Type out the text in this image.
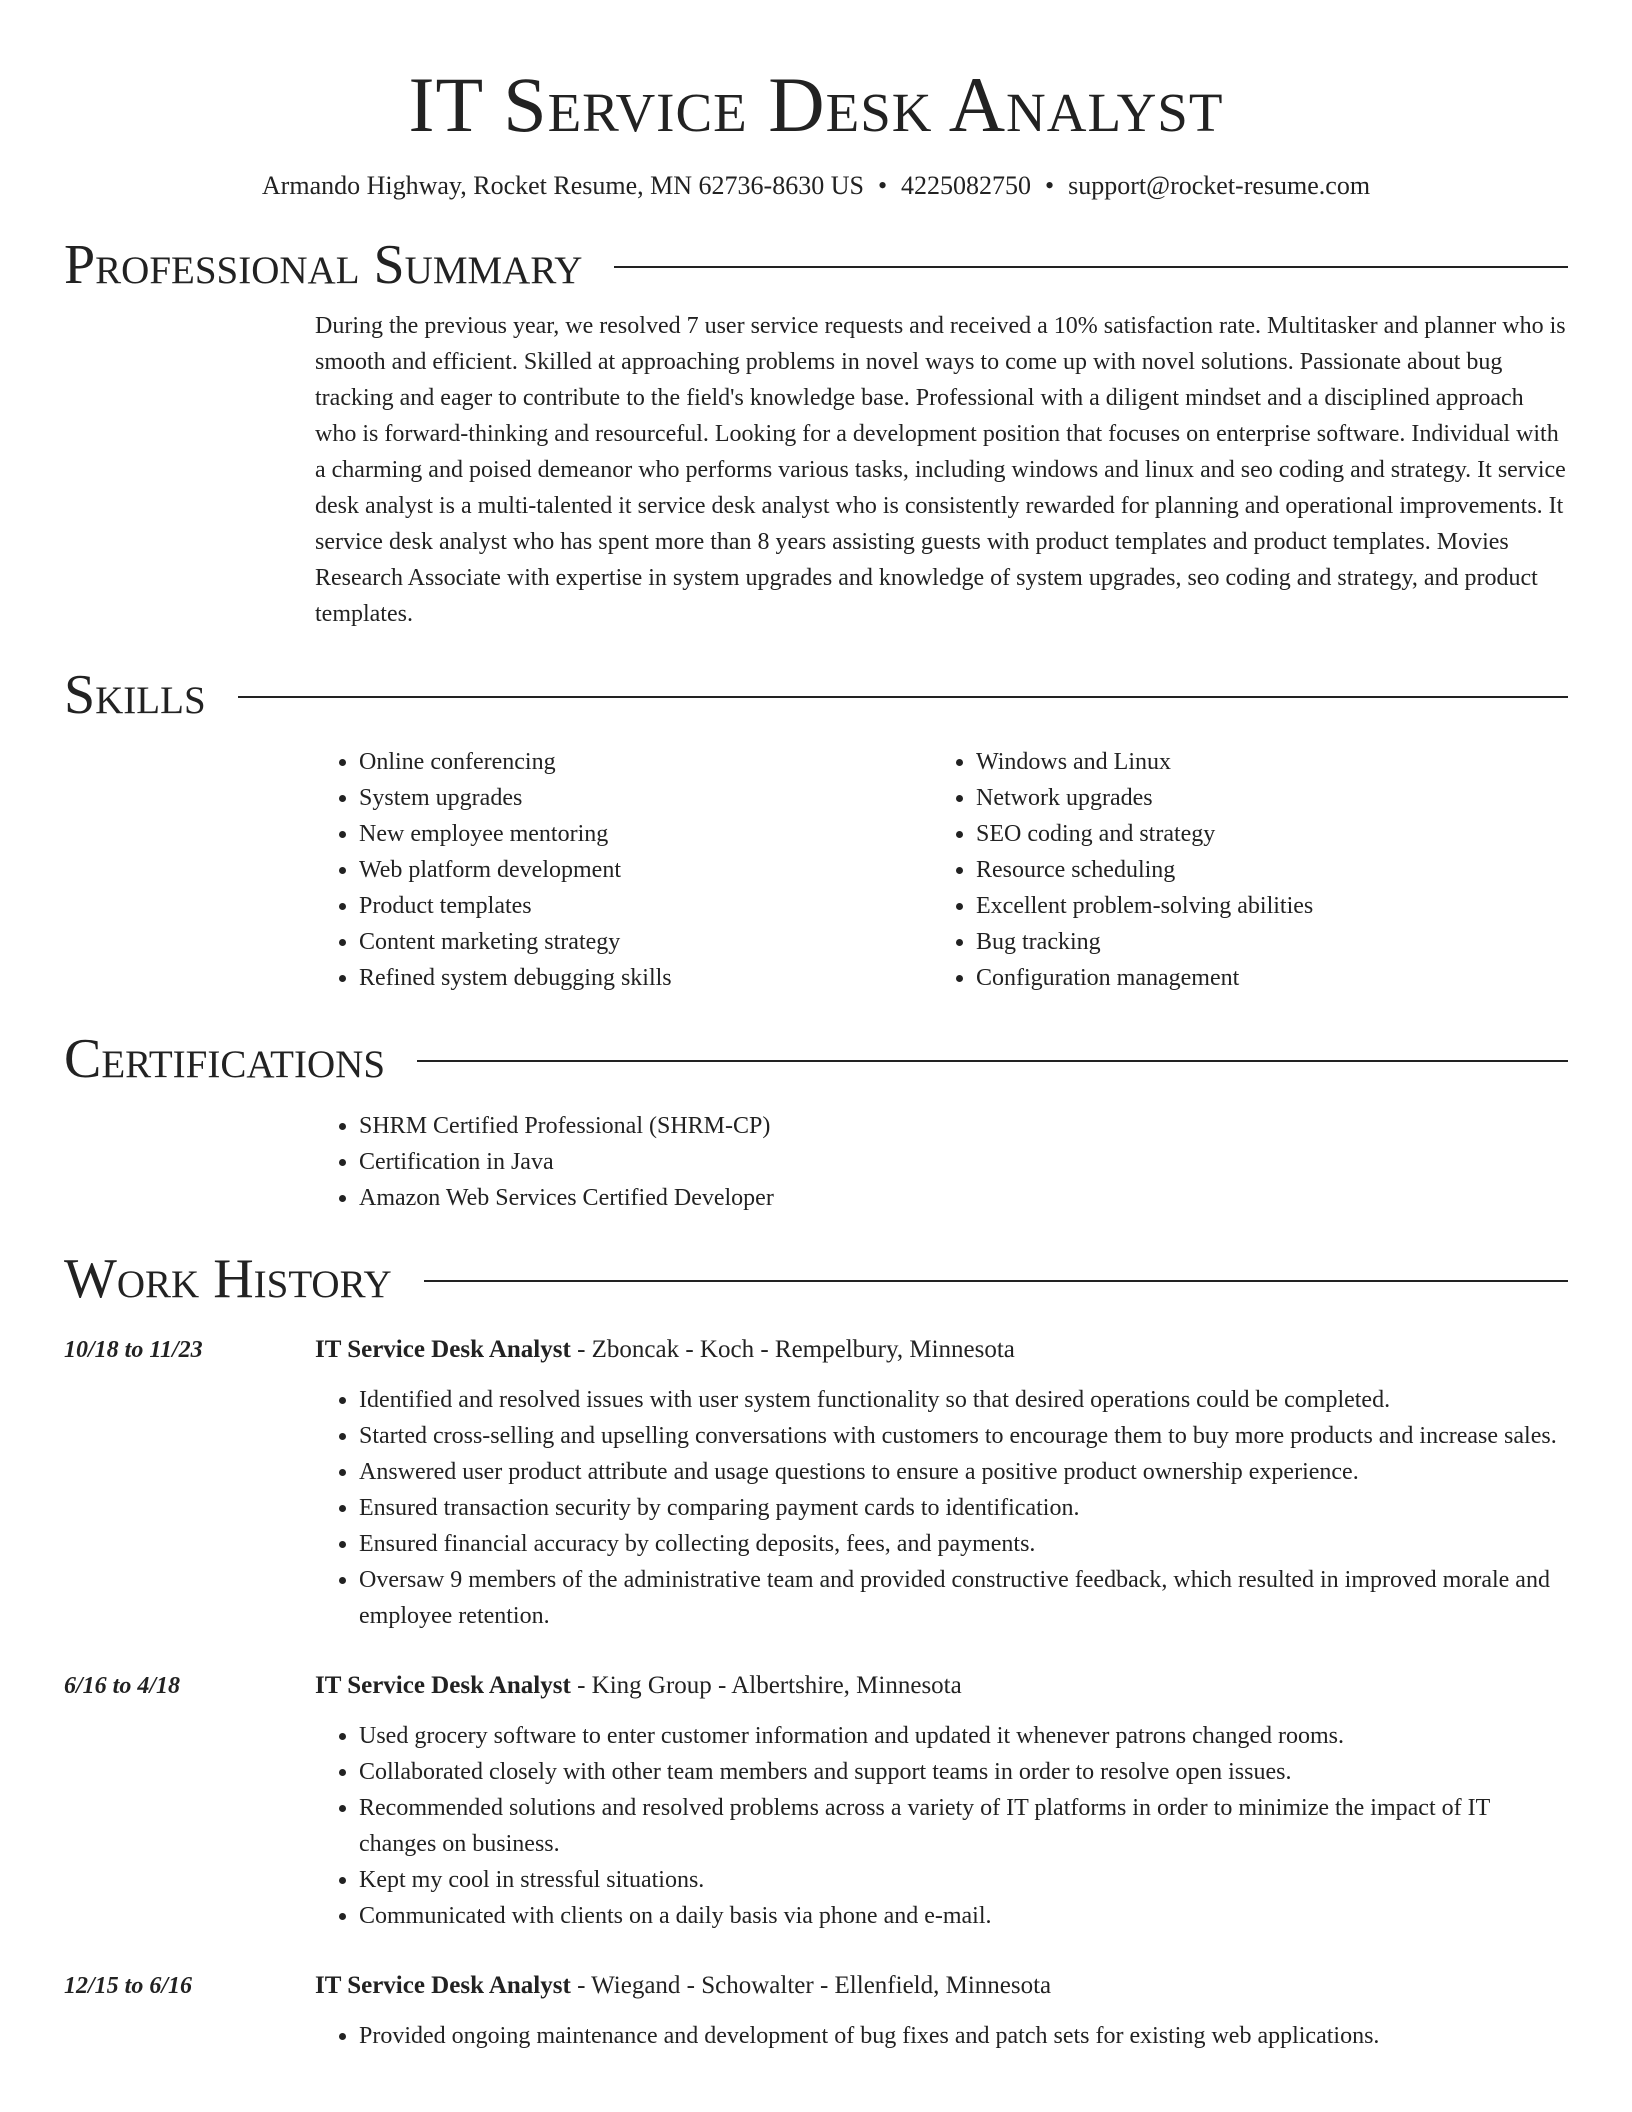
IT Service Desk Analyst
Armando Highway, Rocket Resume, MN 62736-8630 US • 4225082750 • support@rocket-resume.com
Professional Summary

During the previous year, we resolved 7 user service requests and received a 10% satisfaction rate. Multitasker and planner who is smooth and efficient. Skilled at approaching problems in novel ways to come up with novel solutions. Passionate about bug tracking and eager to contribute to the field's knowledge base. Professional with a diligent mindset and a disciplined approach who is forward-thinking and resourceful. Looking for a development position that focuses on enterprise software. Individual with a charming and poised demeanor who performs various tasks, including windows and linux and seo coding and strategy. It service desk analyst is a multi-talented it service desk analyst who is consistently rewarded for planning and operational improvements. It service desk analyst who has spent more than 8 years assisting guests with product templates and product templates. Movies Research Associate with expertise in system upgrades and knowledge of system upgrades, seo coding and strategy, and product templates.

Skills
• Online conferencing
• System upgrades
• New employee mentoring
• Web platform development
• Product templates
• Content marketing strategy
• Refined system debugging skills
• Windows and Linux
• Network upgrades
• SEO coding and strategy
• Resource scheduling
• Excellent problem-solving abilities
• Bug tracking
• Configuration management
Certifications
• SHRM Certified Professional (SHRM-CP)
• Certification in Java
• Amazon Web Services Certified Developer
Work History
10/18 to 11/23	IT Service Desk Analyst - Zboncak - Koch - Rempelbury, Minnesota
• Identified and resolved issues with user system functionality so that desired operations could be completed.
• Started cross-selling and upselling conversations with customers to encourage them to buy more products and increase sales.
• Answered user product attribute and usage questions to ensure a positive product ownership experience.
• Ensured transaction security by comparing payment cards to identification.
• Ensured financial accuracy by collecting deposits, fees, and payments.
• Oversaw 9 members of the administrative team and provided constructive feedback, which resulted in improved morale and employee retention.
6/16 to 4/18	IT Service Desk Analyst - King Group - Albertshire, Minnesota
• Used grocery software to enter customer information and updated it whenever patrons changed rooms.
• Collaborated closely with other team members and support teams in order to resolve open issues.
• Recommended solutions and resolved problems across a variety of IT platforms in order to minimize the impact of IT changes on business.
• Kept my cool in stressful situations.
• Communicated with clients on a daily basis via phone and e-mail.
12/15 to 6/16	IT Service Desk Analyst - Wiegand - Schowalter - Ellenfield, Minnesota
• Provided ongoing maintenance and development of bug fixes and patch sets for existing web applications.
